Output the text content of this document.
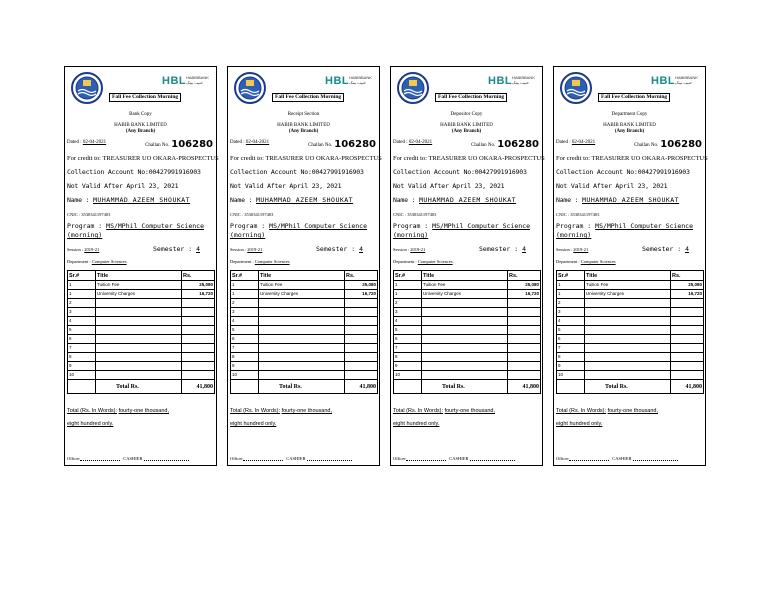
HBL HABIBBANK
حبیب بینک
Fall Fee Collection Morning
Bank Copy
HABIB BANK LIMITED
(Any Branch)
Dated : 02-04-2021
Challan No. 106280
For credit to: TREASURER UO OKARA-PROSPECTUS
Collection Account No:00427991916903
Not Valid After April 23, 2021
Name : MUHAMMAD AZEEM SHOUKAT
CNIC : 3530341197403
Program : MS/MPhil Computer Science (morning)
Session : 2019-21	Semester : 4
Department : Computer Sciences
Sr.#	Title	Rs.
1	Tuition Fee	25,080
1	University Charges	16,720
2		
3		
4		
5		
6		
7		
8		
9		
10		
	Total Rs.	41,800
Total (Rs. In Words): fourty-one thousand,
eight hundred only.
Officer	CASHIER
HBL HABIBBANK
حبیب بینک
Fall Fee Collection Morning
Receipt Section
HABIB BANK LIMITED
(Any Branch)
Dated : 02-04-2021
Challan No. 106280
For credit to: TREASURER UO OKARA-PROSPECTUS
Collection Account No:00427991916903
Not Valid After April 23, 2021
Name : MUHAMMAD AZEEM SHOUKAT
CNIC : 3530341197403
Program : MS/MPhil Computer Science (morning)
Session : 2019-21	Semester : 4
Department : Computer Sciences
Sr.#	Title	Rs.
1	Tuition Fee	25,080
1	University Charges	16,720
2		
3		
4		
5		
6		
7		
8		
9		
10		
	Total Rs.	41,800
Total (Rs. In Words): fourty-one thousand,
eight hundred only.
Officer	CASHIER
HBL HABIBBANK
حبیب بینک
Fall Fee Collection Morning
Depositor Copy
HABIB BANK LIMITED
(Any Branch)
Dated : 02-04-2021
Challan No. 106280
For credit to: TREASURER UO OKARA-PROSPECTUS
Collection Account No:00427991916903
Not Valid After April 23, 2021
Name : MUHAMMAD AZEEM SHOUKAT
CNIC : 3530341197403
Program : MS/MPhil Computer Science (morning)
Session : 2019-21	Semester : 4
Department : Computer Sciences
Sr.#	Title	Rs.
1	Tuition Fee	25,080
1	University Charges	16,720
2		
3		
4		
5		
6		
7		
8		
9		
10		
	Total Rs.	41,800
Total (Rs. In Words): fourty-one thousand,
eight hundred only.
Officer	CASHIER
HBL HABIBBANK
حبیب بینک
Fall Fee Collection Morning
Department Copy
HABIB BANK LIMITED
(Any Branch)
Dated : 02-04-2021
Challan No. 106280
For credit to: TREASURER UO OKARA-PROSPECTUS
Collection Account No:00427991916903
Not Valid After April 23, 2021
Name : MUHAMMAD AZEEM SHOUKAT
CNIC : 3530341197403
Program : MS/MPhil Computer Science (morning)
Session : 2019-21	Semester : 4
Department : Computer Sciences
Sr.#	Title	Rs.
1	Tuition Fee	25,080
1	University Charges	16,720
2		
3		
4		
5		
6		
7		
8		
9		
10		
	Total Rs.	41,800
Total (Rs. In Words): fourty-one thousand,
eight hundred only.
Officer	CASHIER
